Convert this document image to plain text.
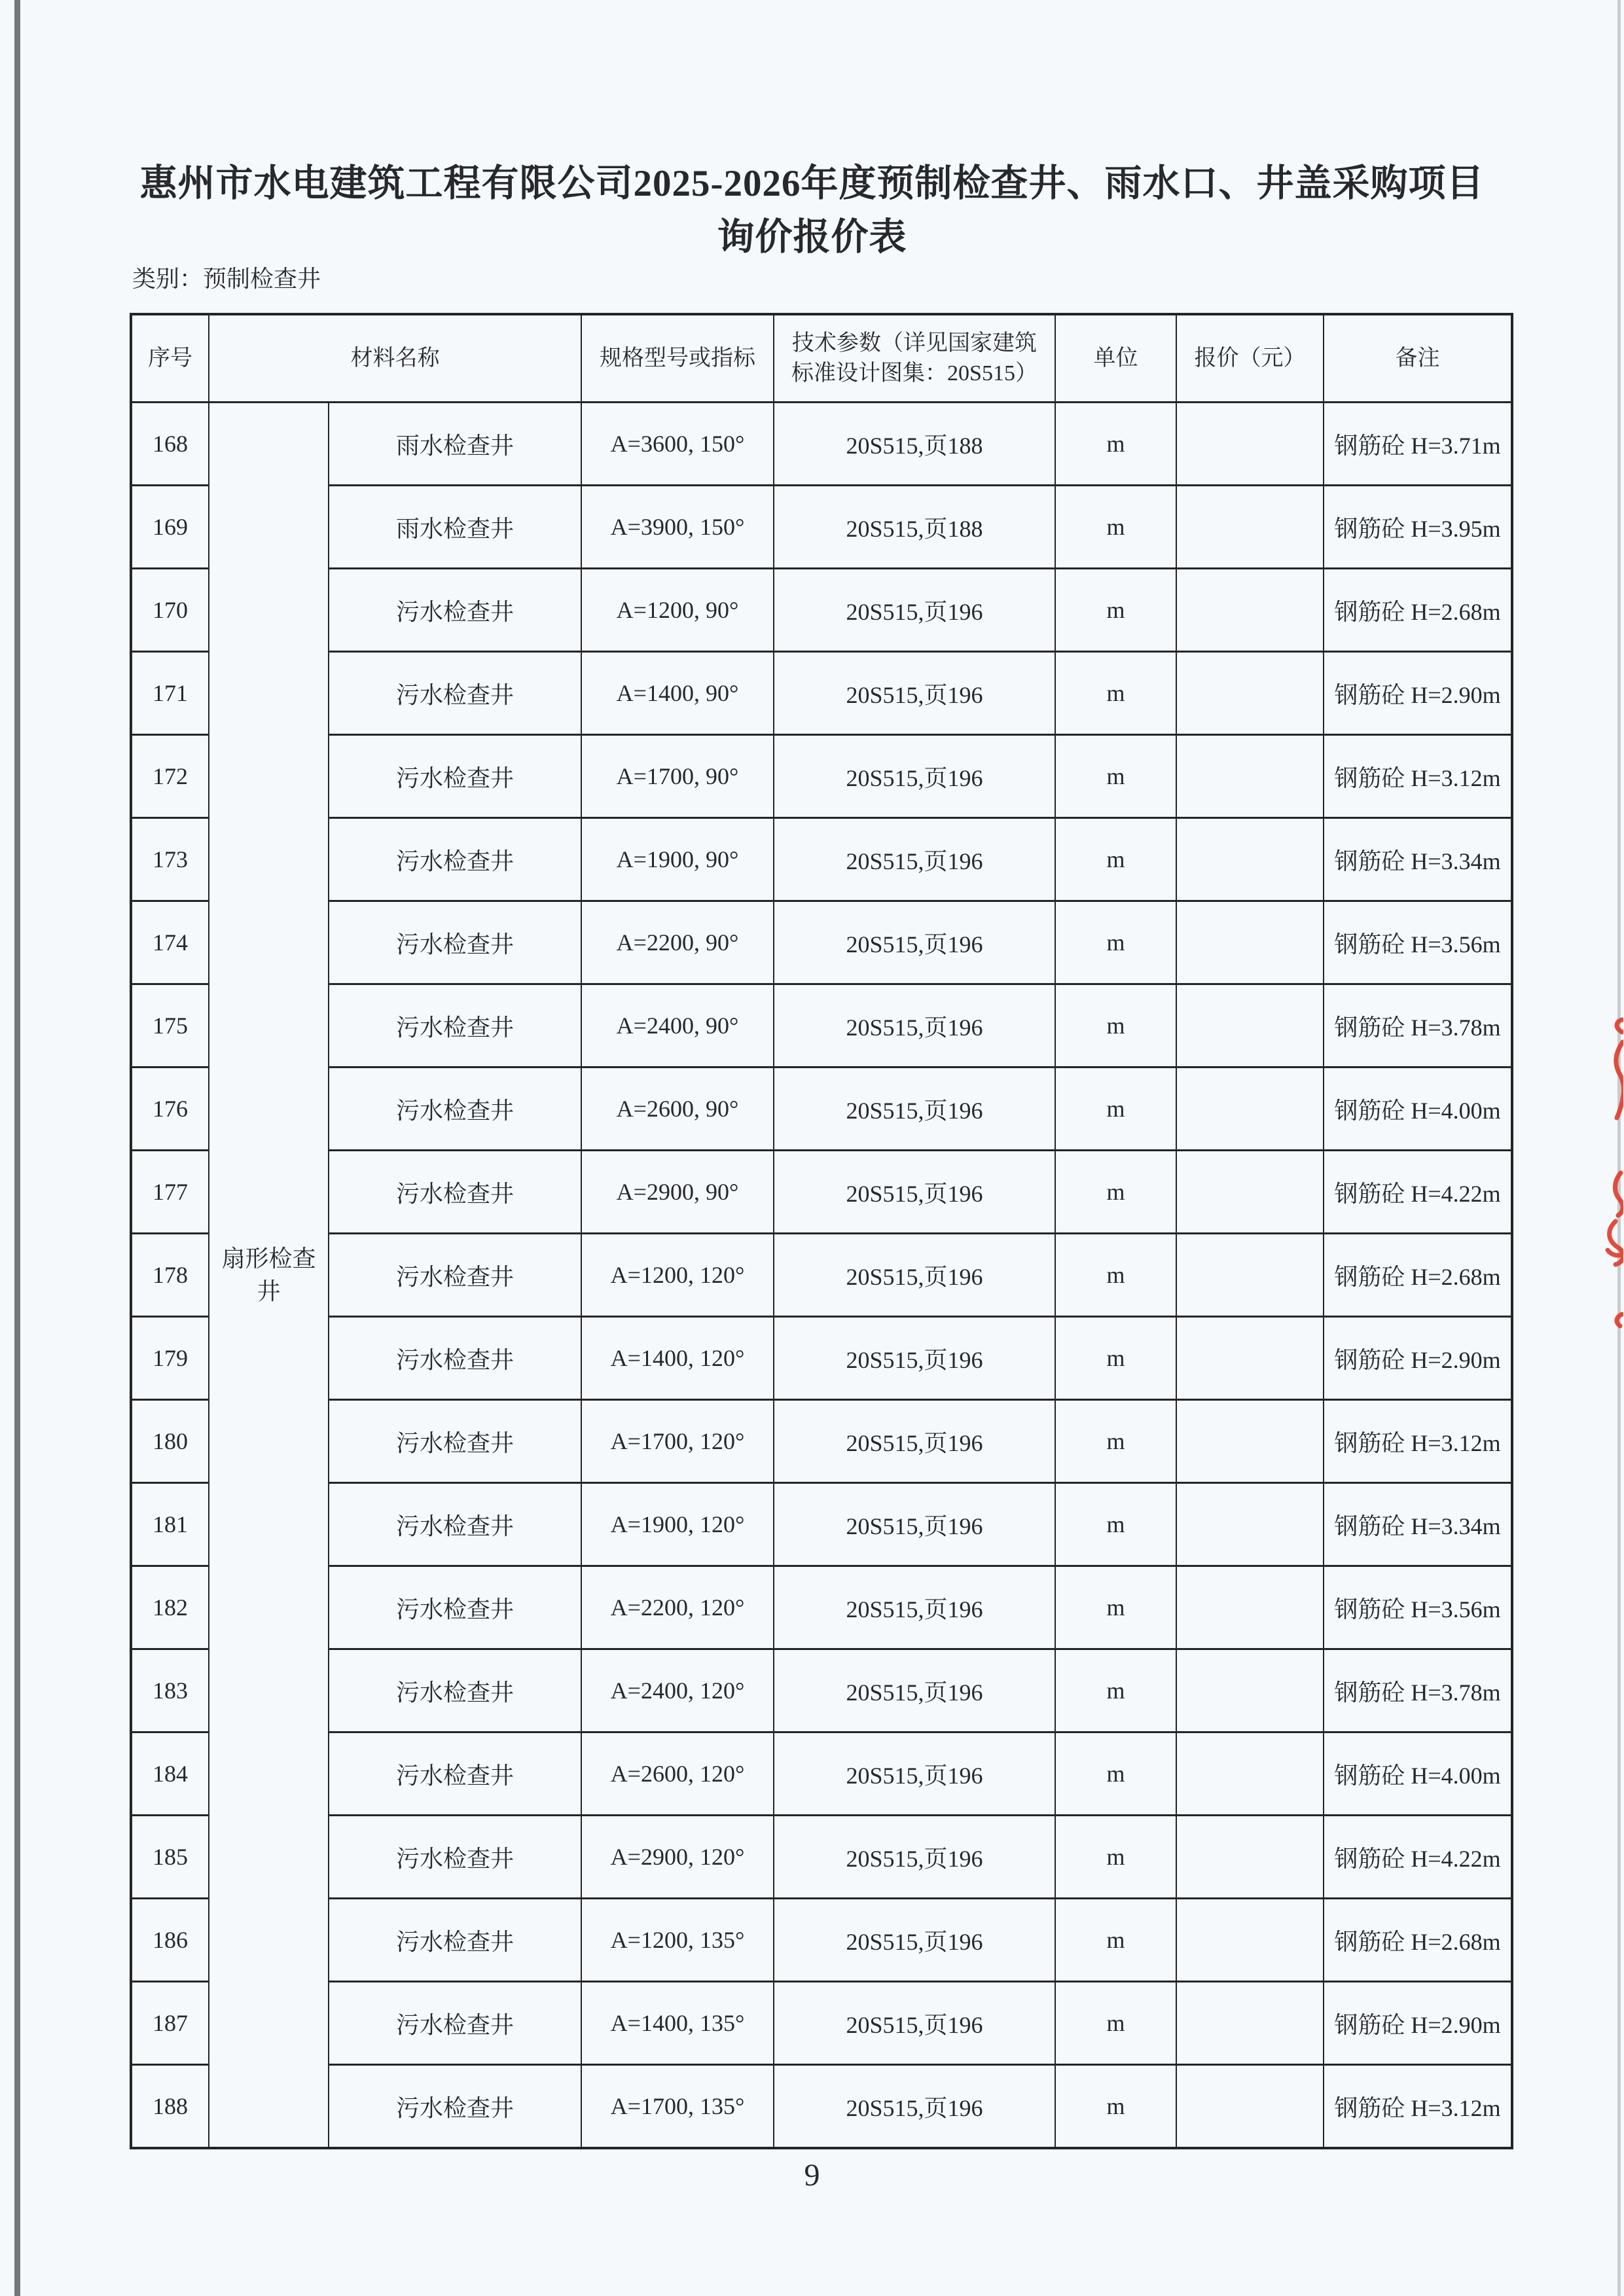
惠州市水电建筑工程有限公司2025-2026年度预制检查井、雨水口、井盖采购项目
询价报价表
类别：预制检查井
序号	材料名称		规格型号或指标	技术参数（详见国家建筑标准设计图集：20S515）	单位	报价（元）	备注
168	扇形检查井	雨水检查井	A=3600, 150°	20S515,页188	m		钢筋砼 H=3.71m
169		雨水检查井	A=3900, 150°	20S515,页188	m		钢筋砼 H=3.95m
170		污水检查井	A=1200, 90°	20S515,页196	m		钢筋砼 H=2.68m
171		污水检查井	A=1400, 90°	20S515,页196	m		钢筋砼 H=2.90m
172		污水检查井	A=1700, 90°	20S515,页196	m		钢筋砼 H=3.12m
173		污水检查井	A=1900, 90°	20S515,页196	m		钢筋砼 H=3.34m
174		污水检查井	A=2200, 90°	20S515,页196	m		钢筋砼 H=3.56m
175		污水检查井	A=2400, 90°	20S515,页196	m		钢筋砼 H=3.78m
176		污水检查井	A=2600, 90°	20S515,页196	m		钢筋砼 H=4.00m
177		污水检查井	A=2900, 90°	20S515,页196	m		钢筋砼 H=4.22m
178		污水检查井	A=1200, 120°	20S515,页196	m		钢筋砼 H=2.68m
179		污水检查井	A=1400, 120°	20S515,页196	m		钢筋砼 H=2.90m
180		污水检查井	A=1700, 120°	20S515,页196	m		钢筋砼 H=3.12m
181		污水检查井	A=1900, 120°	20S515,页196	m		钢筋砼 H=3.34m
182		污水检查井	A=2200, 120°	20S515,页196	m		钢筋砼 H=3.56m
183		污水检查井	A=2400, 120°	20S515,页196	m		钢筋砼 H=3.78m
184		污水检查井	A=2600, 120°	20S515,页196	m		钢筋砼 H=4.00m
185		污水检查井	A=2900, 120°	20S515,页196	m		钢筋砼 H=4.22m
186		污水检查井	A=1200, 135°	20S515,页196	m		钢筋砼 H=2.68m
187		污水检查井	A=1400, 135°	20S515,页196	m		钢筋砼 H=2.90m
188		污水检查井	A=1700, 135°	20S515,页196	m		钢筋砼 H=3.12m
9
